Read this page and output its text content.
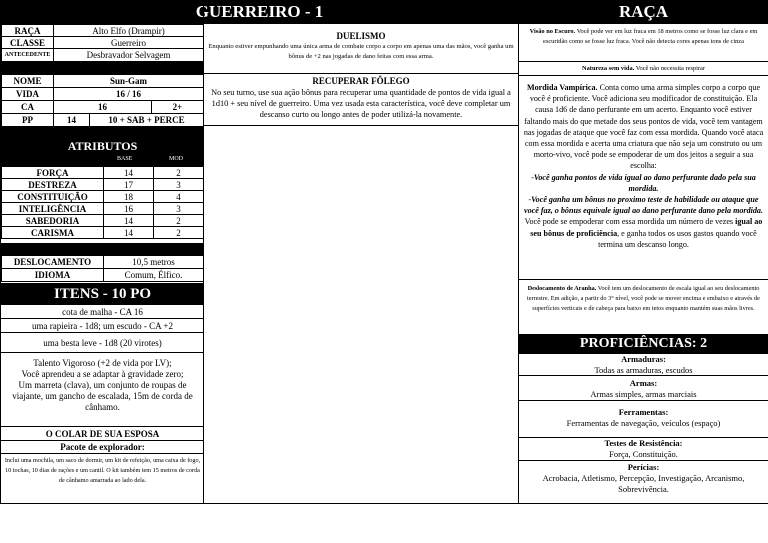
GUERREIRO - 1	RAÇA
RAÇA	Alto Elfo (Drampir)
CLASSE	Guerreiro
ANTECEDENTE	Desbravador Selvagem
NOME	Sun-Gam		
VIDA	16 / 16		
CA	16		2+
PP	14	10 + SAB + PERCE	
ATRIBUTOS
BASE	MOD
FORÇA	14	2
DESTREZA	17	3
CONSTITUIÇÃO	18	4
INTELIGÊNCIA	16	3
SABEDORIA	14	2
CARISMA	14	2
DESLOCAMENTO	10,5 metros
IDIOMA	Comum, Élfico.
ITENS - 10 PO
cota de malha - CA 16
uma rapieira - 1d8; um escudo - CA +2
uma besta leve - 1d8 (20 virotes)
Talento Vigoroso (+2 de vida por LV);
Você aprendeu a se adaptar à gravidade zero;
Um marreta (clava), um conjunto de roupas de viajante, um gancho de escalada, 15m de corda de cânhamo.
O COLAR DE SUA ESPOSA
Pacote de explorador:
Inclui uma mochila, um saco de dormir, um kit de refeição, uma caixa de fogo, 10 tochas, 10 dias de rações e um cantil. O kit também tem 15 metros de corda de cânhamo amarrada ao lado dela.
DUELISMO
Enquanto estiver empunhando uma única arma de combate corpo a corpo em apenas uma das mãos, você ganha um bônus de +2 nas jogadas de dano feitas com essa arma.
RECUPERAR FÔLEGO
No seu turno, use sua ação bônus para recuperar uma quantidade de pontos de vida igual a 1d10 + seu nível de guerreiro. Uma vez usada esta característica, você deve completar um descanso curto ou longo antes de poder utilizá-la novamente.
Visão no Escuro. Você pode ver em luz fraca em 18 metros como se fosse luz clara e em escuridão como se fosse luz fraca. Você não detecta cores apenas tons de cinza
Natureza sem vida. Você não necessita respirar
Mordida Vampírica. Conta como uma arma simples corpo a corpo que você é proficiente. Você adiciona seu modificador de constituição. Ela causa 1d6 de dano perfurante em um acerto. Enquanto você estiver faltando mais do que metade dos seus pontos de vida, você tem vantagem nas jogadas de ataque que você faz com essa mordida. Quando você ataca com essa mordida e acerta uma criatura que não seja um construto ou um morto-vivo, você pode se empoderar de um dos jeitos a seguir a sua escolha:
-Você ganha pontos de vida igual ao dano perfurante dado pela sua mordida.
-Você ganha um bônus no proximo teste de habilidade ou ataque que você faz, o bônus equivale igual ao dano perfurante dano pela mordida.
Você pode se empoderar com essa mordida um número de vezes igual ao seu bônus de proficiência, e ganha todos os usos gastos quando você termina um descanso longo.
Deslocamento de Aranha. Você tem um deslocamento de escala igual ao seu deslocamento terrestre. Em adição, a partir do 3° nível, você pode se mover encima e embaixo e através de superfícies verticais e de cabeça para baixo em tetos enquanto mantém suas mãos livres.
PROFICIÊNCIAS: 2
Armaduras:
Todas as armaduras, escudos
Armas:
Armas simples, armas marciais
Ferramentas:
Ferramentas de navegação, veículos (espaço)
Testes de Resistência:
Força, Constituição.
Perícias:
Acrobacia, Atletismo, Percepção, Investigação, Arcanismo, Sobrevivência.
